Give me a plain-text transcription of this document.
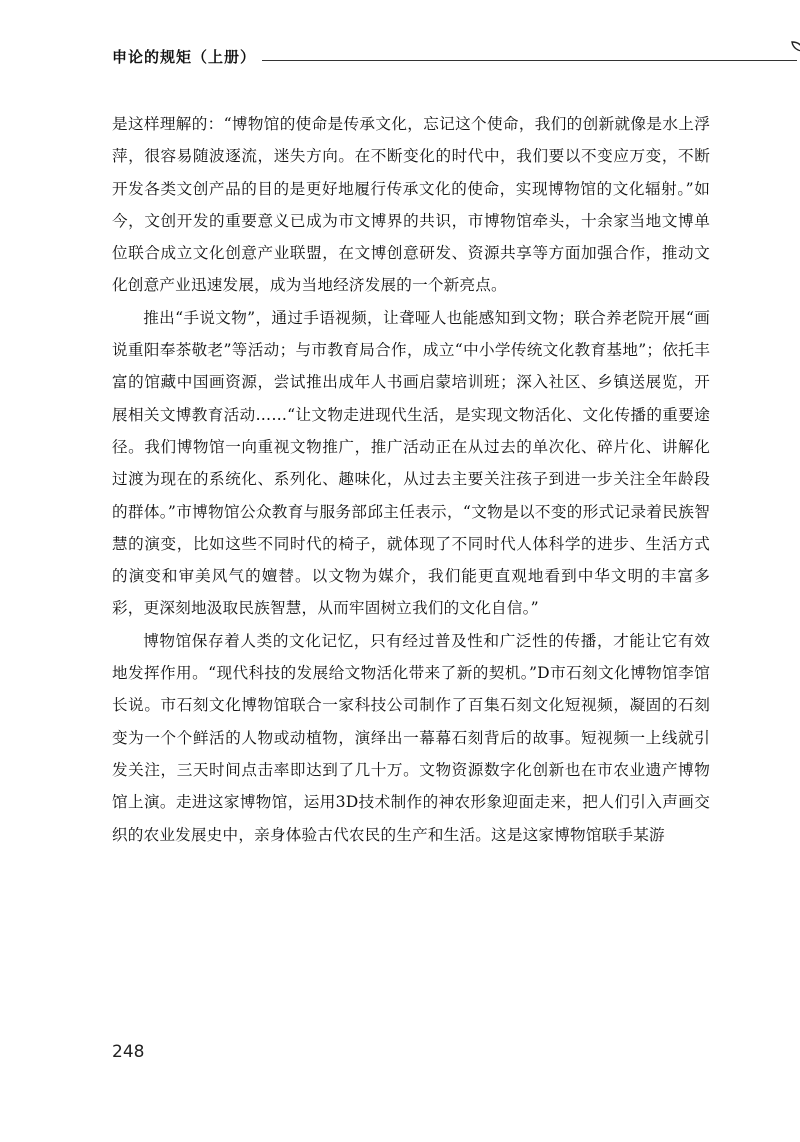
申论的规矩（上册）

是这样理解的：“博物馆的使命是传承文化，忘记这个使命，我们的创新就像是水上浮萍，很容易随波逐流，迷失方向。在不断变化的时代中，我们要以不变应万变，不断开发各类文创产品的目的是更好地履行传承文化的使命，实现博物馆的文化辐射。”如今，文创开发的重要意义已成为市文博界的共识，市博物馆牵头，十余家当地文博单位联合成立文化创意产业联盟，在文博创意研发、资源共享等方面加强合作，推动文化创意产业迅速发展，成为当地经济发展的一个新亮点。

推出“手说文物”，通过手语视频，让聋哑人也能感知到文物；联合养老院开展“画说重阳奉茶敬老”等活动；与市教育局合作，成立“中小学传统文化教育基地”；依托丰富的馆藏中国画资源，尝试推出成年人书画启蒙培训班；深入社区、乡镇送展览，开展相关文博教育活动……“让文物走进现代生活，是实现文物活化、文化传播的重要途径。我们博物馆一向重视文物推广，推广活动正在从过去的单次化、碎片化、讲解化过渡为现在的系统化、系列化、趣味化，从过去主要关注孩子到进一步关注全年龄段的群体。”市博物馆公众教育与服务部邱主任表示，“文物是以不变的形式记录着民族智慧的演变，比如这些不同时代的椅子，就体现了不同时代人体科学的进步、生活方式的演变和审美风气的嬗替。以文物为媒介，我们能更直观地看到中华文明的丰富多彩，更深刻地汲取民族智慧，从而牢固树立我们的文化自信。”

博物馆保存着人类的文化记忆，只有经过普及性和广泛性的传播，才能让它有效地发挥作用。“现代科技的发展给文物活化带来了新的契机。”D市石刻文化博物馆李馆长说。市石刻文化博物馆联合一家科技公司制作了百集石刻文化短视频，凝固的石刻变为一个个鲜活的人物或动植物，演绎出一幕幕石刻背后的故事。短视频一上线就引发关注，三天时间点击率即达到了几十万。文物资源数字化创新也在市农业遗产博物馆上演。走进这家博物馆，运用3D技术制作的神农形象迎面走来，把人们引入声画交织的农业发展史中，亲身体验古代农民的生产和生活。这是这家博物馆联手某游

248
